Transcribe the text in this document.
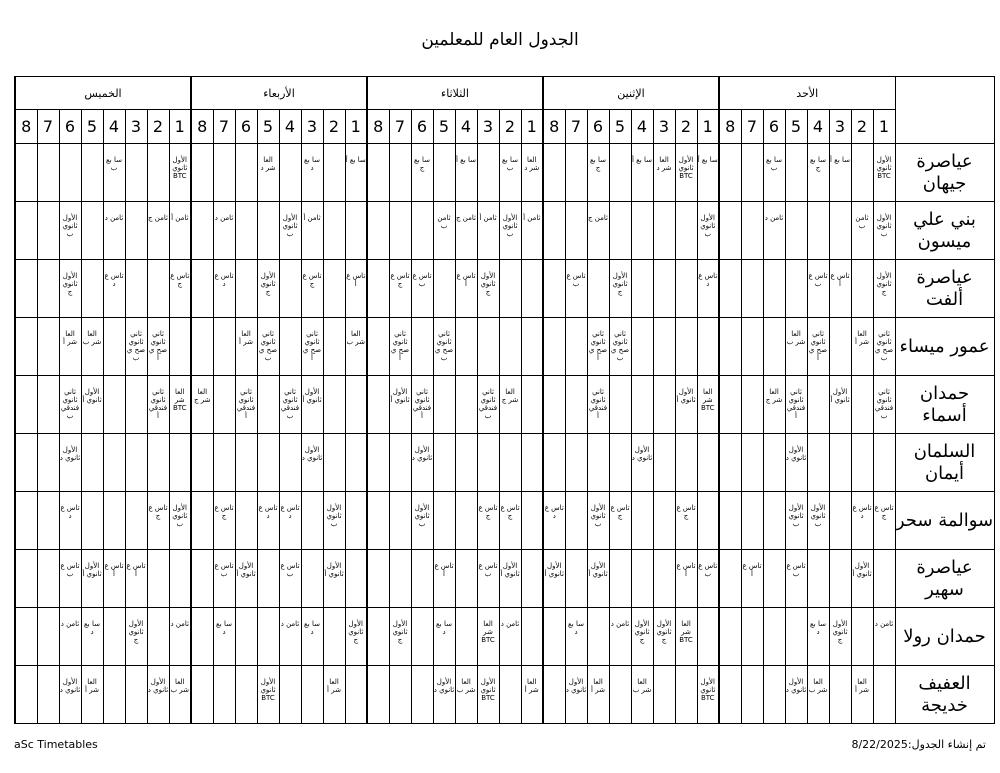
الجدول العام للمعلمين
	الأحد								الإثنين								الثلاثاء								الأربعاء								الخميس							
	1	2	3	4	5	6	7	8	1	2	3	4	5	6	7	8	1	2	3	4	5	6	7	8	1	2	3	4	5	6	7	8	1	2	3	4	5	6	7	8
عياصرة جيهان	الأول ثانوي BTC		سا بع أ	سا بع ج		سا بع ب			سا بع أ	الأول ثانوي BTC	العا شر د	سا بع أ		سا بع ج			العا شر د	سا بع ب		سا بع أ		سا بع ج			سا بع أ		سا بع د		العا شر د				الأول ثانوي BTC			سا بع ب				

بني علي ميسون	الأول ثانوي ب	ثامن ب				ثامن د			الأول ثانوي ب					ثامن ج			ثامن أ	الأول ثانوي ب	ثامن أ	ثامن ج	ثامن ب						ثامن أ	الأول ثانوي ب			ثامن د		ثامن أ	ثامن ج		ثامن د		الأول ثانوي ب		

عياصرة ألفت	الأول ثانوي ج		تاس ع أ	تاس ع ب					تاس ع د				الأول ثانوي ج		تاس ع ب				الأول ثانوي ج	تاس ع أ		تاس ع ب	تاس ع ج		تاس ع أ		تاس ع ج		الأول ثانوي ج		تاس ع د		تاس ع ج			تاس ع د		الأول ثانوي ج		

عمور ميساء	ثاني ثانوي صح ي ب	العا شر أ		ثاني ثانوي صح ي أ	العا شر ب								ثاني ثانوي صح ي ب	ثاني ثانوي صح ي أ							ثاني ثانوي صح ي ب		ثاني ثانوي صح ي أ		العا شر ب		ثاني ثانوي صح ي أ		ثاني ثانوي صح ي ب	العا شر أ				ثاني ثانوي صح ي أ	ثاني ثانوي صح ي ب		العا شر ب	العا شر أ		

حمدان أسماء	ثاني ثانوي فندقي ب		الأول ثانوي أ		ثاني ثانوي فندقي أ	العا شر ج			العا شر BTC	الأول ثانوي أ				ثاني ثانوي فندقي أ				العا شر ج	ثاني ثانوي فندقي ب			ثاني ثانوي فندقي أ	الأول ثانوي أ				الأول ثانوي أ	ثاني ثانوي فندقي ب		ثاني ثانوي فندقي أ		العا شر ج	العا شر BTC	ثاني ثانوي فندقي أ			الأول ثانوي أ	ثاني ثانوي فندقي ب		

السلمان أيمان					الأول ثانوي د							الأول ثانوي د										الأول ثانوي د					الأول ثانوي د											الأول ثانوي د		

سوالمة سحر	تاس ع ج	تاس ع د		الأول ثانوي ب	الأول ثانوي ب					تاس ع ج			تاس ع ج	الأول ثانوي ب		تاس ع د		تاس ع ج	تاس ع ج			الأول ثانوي ب				الأول ثانوي ب		تاس ع د	تاس ع د		تاس ع ج		الأول ثانوي ب	تاس ع ج				تاس ع د		

عياصرة سهير		الأول ثانوي أ			تاس ع ب		تاس ع أ		تاس ع ب	تاس ع أ				الأول ثانوي أ		الأول ثانوي أ		الأول ثانوي أ	تاس ع ب		تاس ع أ					الأول ثانوي أ		تاس ع ب		الأول ثانوي أ	تاس ع ب				تاس ع أ	تاس ع أ	الأول ثانوي أ	تاس ع ب		

حمدان رولا	ثامن د		الأول ثانوي ج	سا بع د						العا شر BTC	الأول ثانوي ج	الأول ثانوي ج	ثامن د		سا بع د			ثامن د	العا شر BTC		سا بع د		الأول ثانوي ج		الأول ثانوي ج		سا بع د	ثامن د			سا بع د		ثامن د		الأول ثانوي ج		سا بع د	ثامن د		

العفيف خديجة		العا شر أ		العا شر ب	الأول ثانوي د				الأول ثانوي BTC			العا شر ب		العا شر أ	الأول ثانوي د		العا شر أ		الأول ثانوي BTC	العا شر ب	الأول ثانوي د					العا شر أ			الأول ثانوي BTC				العا شر ب	الأول ثانوي د			العا شر أ	الأول ثانوي د		

aSc Timetables	تم إنشاء الجدول:8/22/2025
